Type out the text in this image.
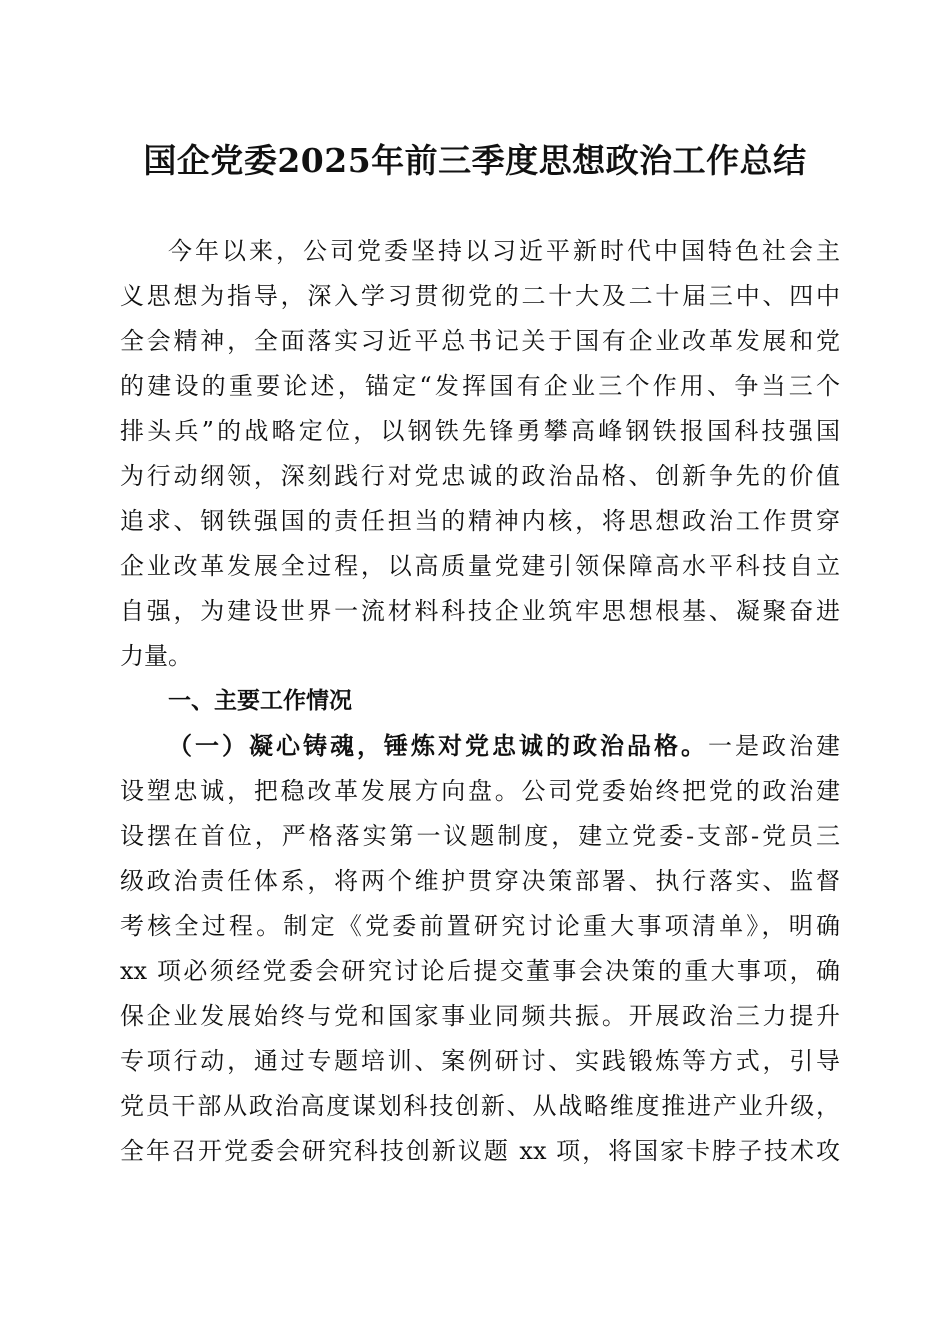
国企党委2025年前三季度思想政治工作总结

今年以来，公司党委坚持以习近平新时代中国特色社会主

义思想为指导，深入学习贯彻党的二十大及二十届三中、四中

全会精神，全面落实习近平总书记关于国有企业改革发展和党

的建设的重要论述，锚定“发挥国有企业三个作用、争当三个

排头兵”的战略定位，以钢铁先锋勇攀高峰钢铁报国科技强国

为行动纲领，深刻践行对党忠诚的政治品格、创新争先的价值

追求、钢铁强国的责任担当的精神内核，将思想政治工作贯穿

企业改革发展全过程，以高质量党建引领保障高水平科技自立

自强，为建设世界一流材料科技企业筑牢思想根基、凝聚奋进

力量。

一、主要工作情况

（一）凝心铸魂，锤炼对党忠诚的政治品格。一是政治建

设塑忠诚，把稳改革发展方向盘。公司党委始终把党的政治建

设摆在首位，严格落实第一议题制度，建立党委-支部-党员三

级政治责任体系，将两个维护贯穿决策部署、执行落实、监督

考核全过程。制定《党委前置研究讨论重大事项清单》，明确

xx 项必须经党委会研究讨论后提交董事会决策的重大事项，确

保企业发展始终与党和国家事业同频共振。开展政治三力提升

专项行动，通过专题培训、案例研讨、实践锻炼等方式，引导

党员干部从政治高度谋划科技创新、从战略维度推进产业升级，

全年召开党委会研究科技创新议题 xx 项，将国家卡脖子技术攻
